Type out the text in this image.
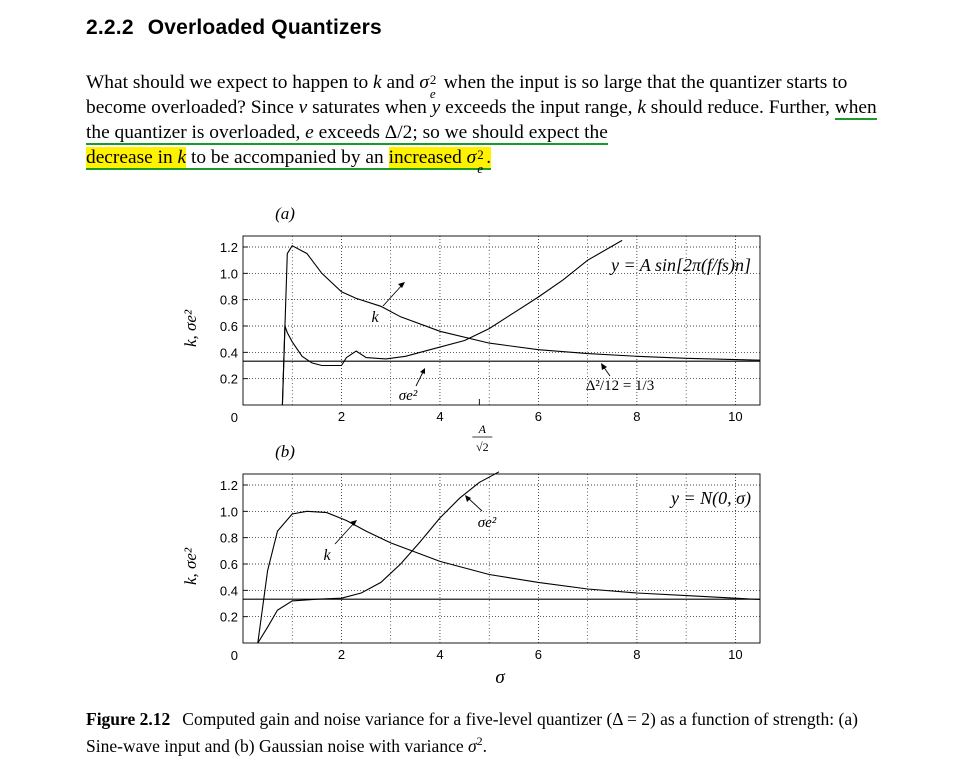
2.2.2 Overloaded Quantizers
What should we expect to happen to k and σ 2
e
when the input is so large that the quantizer starts to become overloaded? Since v saturates when y exceeds the input range, k should reduce. Further, when the quantizer is overloaded, e exceeds Δ/2; so we should expect the
decrease in k to be accompanied by an increased σ 2
e
.
1.2
1.0
0.8
0.6
0.4
0.2
0	2	4	6	8	10
k, σe²
(a)
y = A sin[2π(f/fs)n]
k
σe²
Δ²/12 = 1/3
A
√2
1.2
1.0
0.8
0.6
0.4
0.2
0	2	4	6	8	10
k, σe²
(b)
y = N(0, σ)
k
σe²
σ
Figure 2.12 Computed gain and noise variance for a five-level quantizer (Δ = 2) as a function of strength: (a) Sine-wave input and (b) Gaussian noise with variance $\sigma^2$.
